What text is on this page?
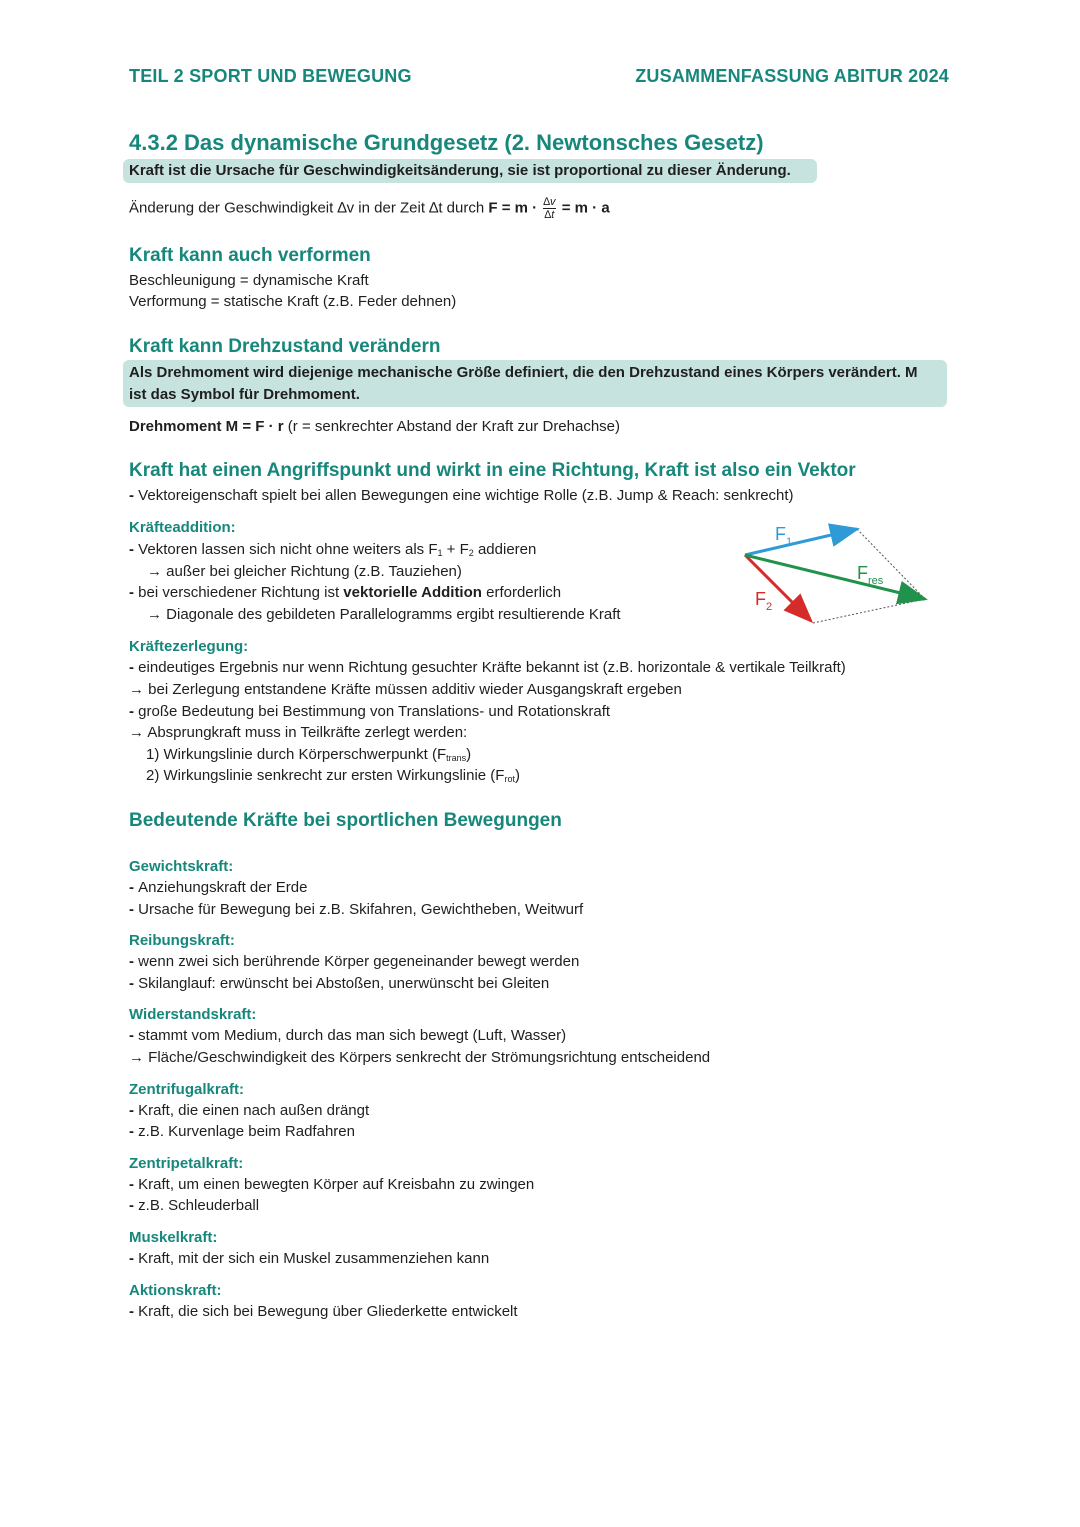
TEIL 2 SPORT UND BEWEGUNG	ZUSAMMENFASSUNG ABITUR 2024
4.3.2 Das dynamische Grundgesetz (2. Newtonsches Gesetz)
Kraft ist die Ursache für Geschwindigkeitsänderung, sie ist proportional zu dieser Änderung.
Änderung der Geschwindigkeit ∆v in der Zeit ∆t durch $F = m \cdot \frac{\Delta v}{\Delta t} = m \cdot a$
Kraft kann auch verformen
Beschleunigung = dynamische Kraft
Verformung = statische Kraft (z.B. Feder dehnen)
Kraft kann Drehzustand verändern
Als Drehmoment wird diejenige mechanische Größe definiert, die den Drehzustand eines Körpers verändert. M
ist das Symbol für Drehmoment.
Drehmoment M = F · r (r = senkrechter Abstand der Kraft zur Drehachse)
Kraft hat einen Angriffspunkt und wirkt in eine Richtung, Kraft ist also ein Vektor
- Vektoreigenschaft spielt bei allen Bewegungen eine wichtige Rolle (z.B. Jump & Reach: senkrecht)
Kräfteaddition:
- Vektoren lassen sich nicht ohne weiters als $F_1 + F_2$ addieren
→ außer bei gleicher Richtung (z.B. Tauziehen)
- bei verschiedener Richtung ist vektorielle Addition erforderlich
→ Diagonale des gebildeten Parallelogramms ergibt resultierende Kraft
$F_1$
$F_2$
$F_{res}$
Kräftezerlegung:
- eindeutiges Ergebnis nur wenn Richtung gesuchter Kräfte bekannt ist (z.B. horizontale & vertikale Teilkraft)
→ bei Zerlegung entstandene Kräfte müssen additiv wieder Ausgangskraft ergeben
- große Bedeutung bei Bestimmung von Translations- und Rotationskraft
→ Absprungkraft muss in Teilkräfte zerlegt werden:
1) Wirkungslinie durch Körperschwerpunkt $(F_{trans})$
2) Wirkungslinie senkrecht zur ersten Wirkungslinie $(F_{rot})$
Bedeutende Kräfte bei sportlichen Bewegungen
Gewichtskraft:
- Anziehungskraft der Erde
- Ursache für Bewegung bei z.B. Skifahren, Gewichtheben, Weitwurf
Reibungskraft:
- wenn zwei sich berührende Körper gegeneinander bewegt werden
- Skilanglauf: erwünscht bei Abstoßen, unerwünscht bei Gleiten
Widerstandskraft:
- stammt vom Medium, durch das man sich bewegt (Luft, Wasser)
→ Fläche/Geschwindigkeit des Körpers senkrecht der Strömungsrichtung entscheidend
Zentrifugalkraft:
- Kraft, die einen nach außen drängt
- z.B. Kurvenlage beim Radfahren
Zentripetalkraft:
- Kraft, um einen bewegten Körper auf Kreisbahn zu zwingen
- z.B. Schleuderball
Muskelkraft:
- Kraft, mit der sich ein Muskel zusammenziehen kann
Aktionskraft:
- Kraft, die sich bei Bewegung über Gliederkette entwickelt
